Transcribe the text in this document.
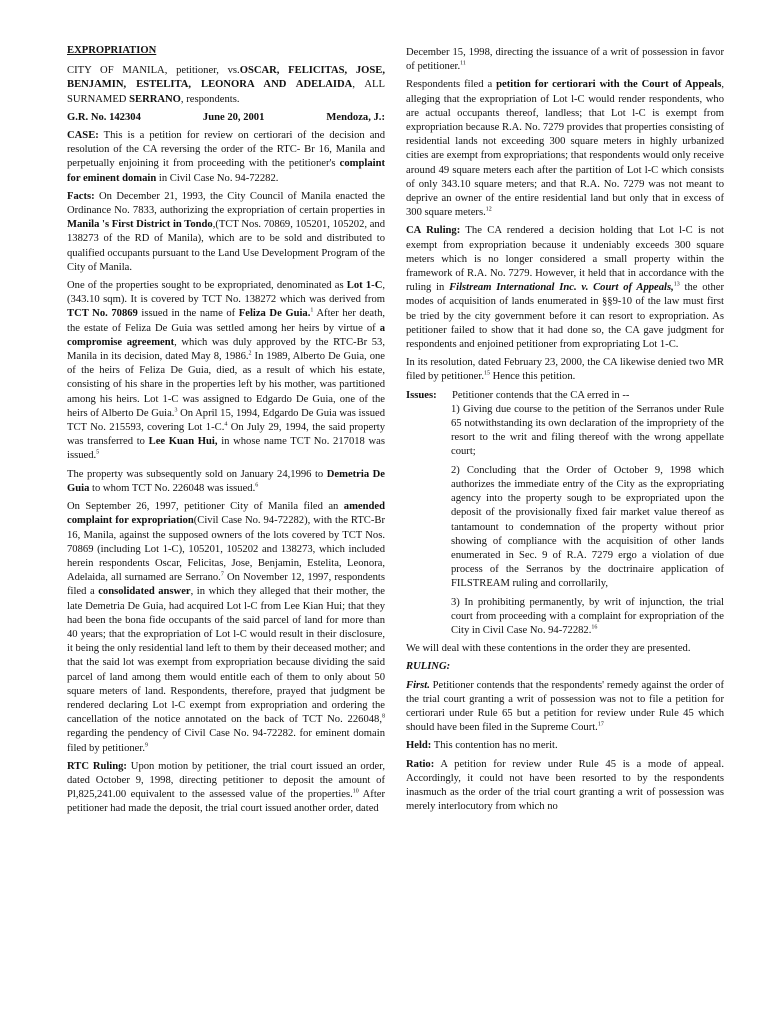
EXPROPRIATION

CITY OF MANILA, petitioner, vs.OSCAR, FELICITAS, JOSE, BENJAMIN, ESTELITA, LEONORA AND ADELAIDA, ALL SURNAMED SERRANO, respondents.

G.R. No. 142304	June 20, 2001	Mendoza, J.:

CASE: This is a petition for review on certiorari of the decision and resolution of the CA reversing the order of the RTC- Br 16, Manila and perpetually enjoining it from proceeding with the petitioner's complaint for eminent domain in Civil Case No. 94-72282.

Facts: On December 21, 1993, the City Council of Manila enacted the Ordinance No. 7833, authorizing the expropriation of certain properties in Manila 's First District in Tondo,(TCT Nos. 70869, 105201, 105202, and 138273 of the RD of Manila), which are to be sold and distributed to qualified occupants pursuant to the Land Use Development Program of the City of Manila.

One of the properties sought to be expropriated, denominated as Lot 1-C, (343.10 sqm). It is covered by TCT No. 138272 which was derived from TCT No. 70869 issued in the name of Feliza De Guia.$^1$ After her death, the estate of Feliza De Guia was settled among her heirs by virtue of a compromise agreement, which was duly approved by the RTC-Br 53, Manila in its decision, dated May 8, 1986.$^2$ In 1989, Alberto De Guia, one of the heirs of Feliza De Guia, died, as a result of which his estate, consisting of his share in the properties left by his mother, was partitioned among his heirs. Lot 1-C was assigned to Edgardo De Guia, one of the heirs of Alberto De Guia.$^3$ On April 15, 1994, Edgardo De Guia was issued TCT No. 215593, covering Lot 1-C.$^4$ On July 29, 1994, the said property was transferred to Lee Kuan Hui, in whose name TCT No. 217018 was issued.$^5$

The property was subsequently sold on January 24,1996 to Demetria De Guia to whom TCT No. 226048 was issued.$^6$

On September 26, 1997, petitioner City of Manila filed an amended complaint for expropriation(Civil Case No. 94-72282), with the RTC-Br 16, Manila, against the supposed owners of the lots covered by TCT Nos. 70869 (including Lot 1-C), 105201, 105202 and 138273, which included herein respondents Oscar, Felicitas, Jose, Benjamin, Estelita, Leonora, Adelaida, all surnamed are Serrano.$^7$ On November 12, 1997, respondents filed a consolidated answer, in which they alleged that their mother, the late Demetria De Guia, had acquired Lot l-C from Lee Kian Hui; that they had been the bona fide occupants of the said parcel of land for more than 40 years; that the expropriation of Lot l-C would result in their disclosure, it being the only residential land left to them by their deceased mother; and that the said lot was exempt from expropriation because dividing the said parcel of land among them would entitle each of them to only about 50 square meters of land. Respondents, therefore, prayed that judgment be rendered declaring Lot l-C exempt from expropriation and ordering the cancellation of the notice annotated on the back of TCT No. 226048,$^8$ regarding the pendency of Civil Case No. 94-72282. for eminent domain filed by petitioner.$^9$

RTC Ruling: Upon motion by petitioner, the trial court issued an order, dated October 9, 1998, directing petitioner to deposit the amount of Pl,825,241.00 equivalent to the assessed value of the properties.$^{10}$ After petitioner had made the deposit, the trial court issued another order, dated

December 15, 1998, directing the issuance of a writ of possession in favor of petitioner.$^{11}$

Respondents filed a petition for certiorari with the Court of Appeals, alleging that the expropriation of Lot l-C would render respondents, who are actual occupants thereof, landless; that Lot l-C is exempt from expropriation because R.A. No. 7279 provides that properties consisting of residential lands not exceeding 300 square meters in highly urbanized cities are exempt from expropriations; that respondents would only receive around 49 square meters each after the partition of Lot l-C which consists of only 343.10 square meters; and that R.A. No. 7279 was not meant to deprive an owner of the entire residential land but only that in excess of 300 square meters.$^{12}$

CA Ruling: The CA rendered a decision holding that Lot l-C is not exempt from expropriation because it undeniably exceeds 300 square meters which is no longer considered a small property within the framework of R.A. No. 7279. However, it held that in accordance with the ruling in Filstream International Inc. v. Court of Appeals,$^{13}$ the other modes of acquisition of lands enumerated in §§9-10 of the law must first be tried by the city government before it can resort to expropriation. As petitioner failed to show that it had done so, the CA gave judgment for respondents and enjoined petitioner from expropriating Lot 1-C.

In its resolution, dated February 23, 2000, the CA likewise denied two MR filed by petitioner.$^{15}$ Hence this petition.

Issues:	Petitioner contends that the CA erred in --

1) Giving due course to the petition of the Serranos under Rule 65 notwithstanding its own declaration of the impropriety of the resort to the writ and filing thereof with the wrong appellate court;

2) Concluding that the Order of October 9, 1998 which authorizes the immediate entry of the City as the expropriating agency into the property sough to be expropriated upon the deposit of the provisionally fixed fair market value thereof as tantamount to condemnation of the property without prior showing of compliance with the acquisition of other lands enumerated in Sec. 9 of R.A. 7279 ergo a violation of due process of the Serranos by the doctrinaire application of FILSTREAM ruling and corrollarily,

3) In prohibiting permanently, by writ of injunction, the trial court from proceeding with a complaint for expropriation of the City in Civil Case No. 94-72282.16

We will deal with these contentions in the order they are presented.

RULING:

First. Petitioner contends that the respondents' remedy against the order of the trial court granting a writ of possession was not to file a petition for certiorari under Rule 65 but a petition for review under Rule 45 which should have been filed in the Supreme Court.$^{17}$

Held: This contention has no merit.

Ratio: A petition for review under Rule 45 is a mode of appeal. Accordingly, it could not have been resorted to by the respondents inasmuch as the order of the trial court granting a writ of possession was merely interlocutory from which no
